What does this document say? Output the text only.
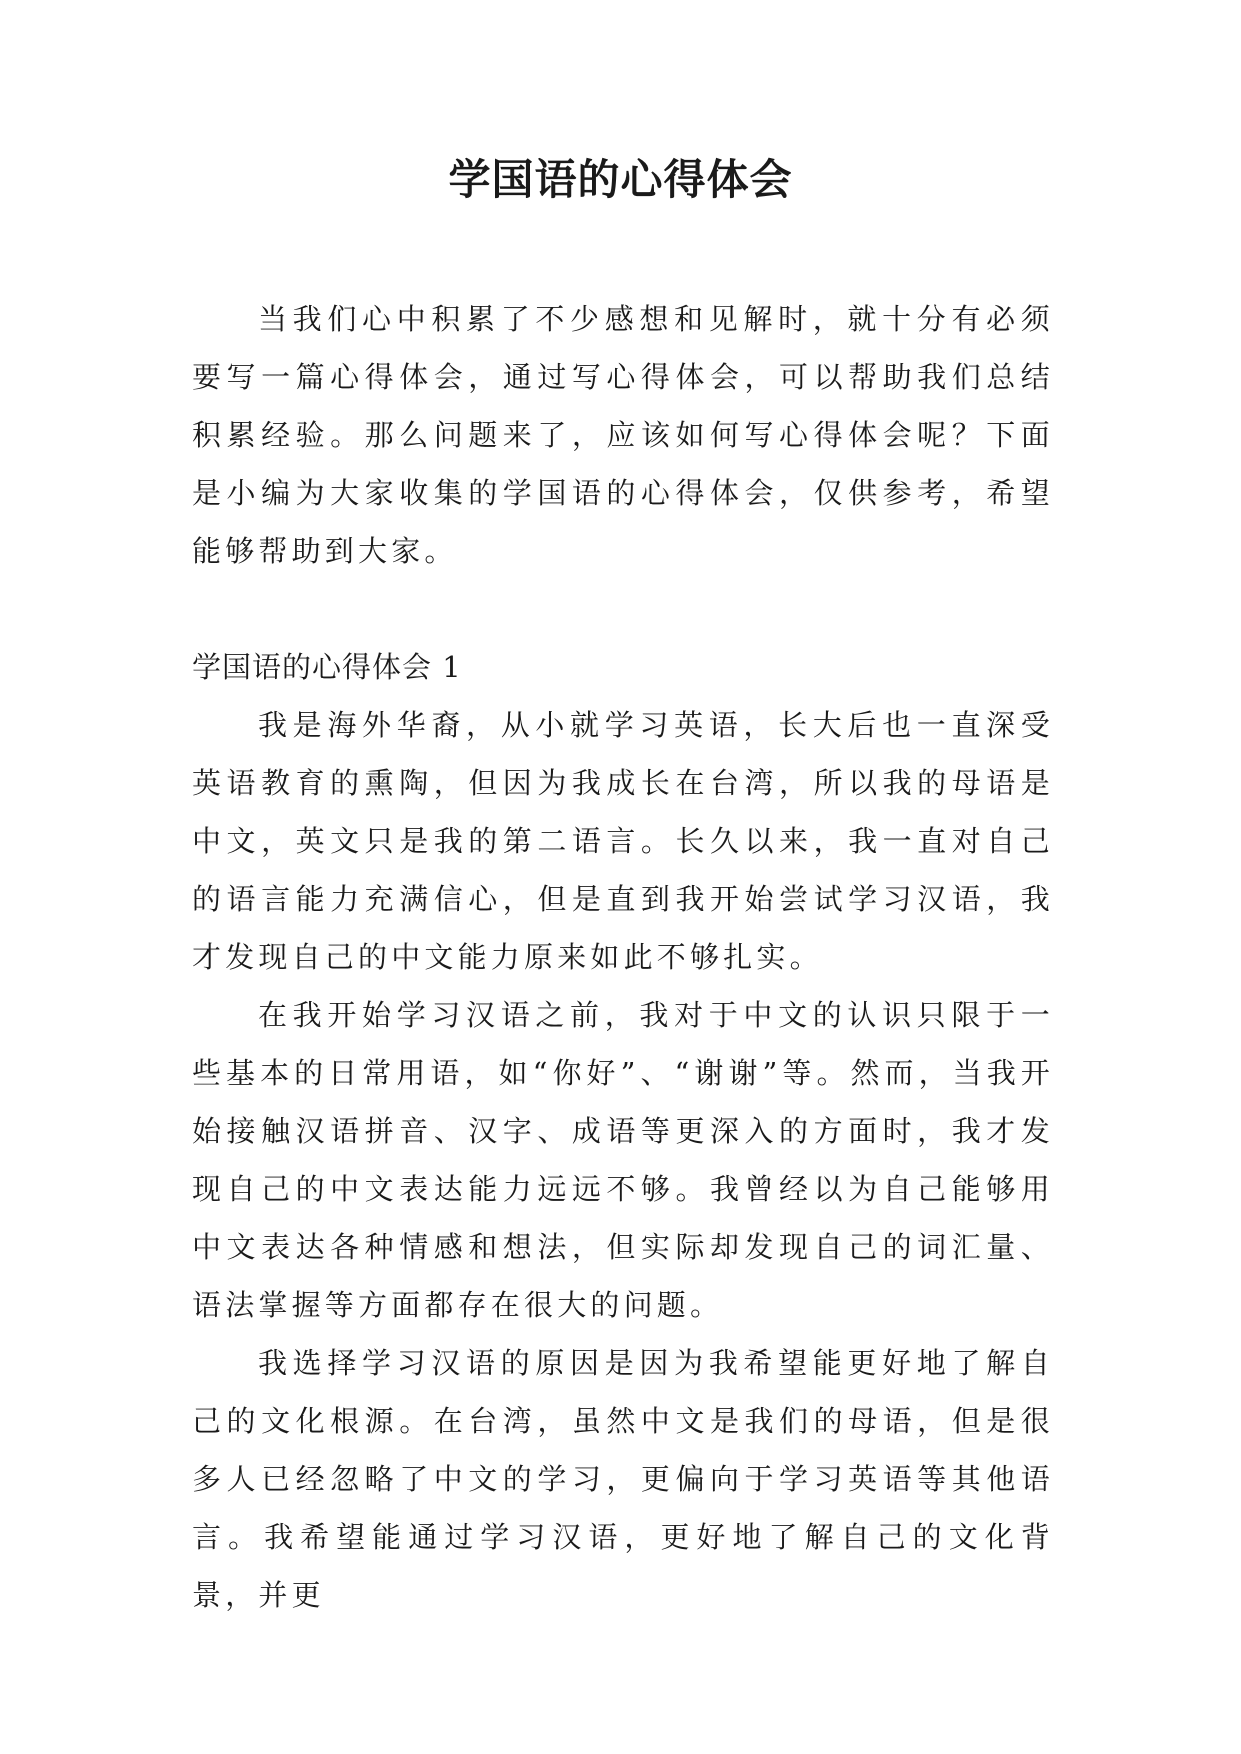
学国语的心得体会

当我们心中积累了不少感想和见解时，就十分有必须要写一篇心得体会，通过写心得体会，可以帮助我们总结积累经验。那么问题来了，应该如何写心得体会呢？下面是小编为大家收集的学国语的心得体会，仅供参考，希望能够帮助到大家。

学国语的心得体会 1

我是海外华裔，从小就学习英语，长大后也一直深受英语教育的熏陶，但因为我成长在台湾，所以我的母语是中文，英文只是我的第二语言。长久以来，我一直对自己的语言能力充满信心，但是直到我开始尝试学习汉语，我才发现自己的中文能力原来如此不够扎实。

在我开始学习汉语之前，我对于中文的认识只限于一些基本的日常用语，如“你好”、“谢谢”等。然而，当我开始接触汉语拼音、汉字、成语等更深入的方面时，我才发现自己的中文表达能力远远不够。我曾经以为自己能够用中文表达各种情感和想法，但实际却发现自己的词汇量、语法掌握等方面都存在很大的问题。

我选择学习汉语的原因是因为我希望能更好地了解自己的文化根源。在台湾，虽然中文是我们的母语，但是很多人已经忽略了中文的学习，更偏向于学习英语等其他语言。我希望能通过学习汉语，更好地了解自己的文化背景，并更
